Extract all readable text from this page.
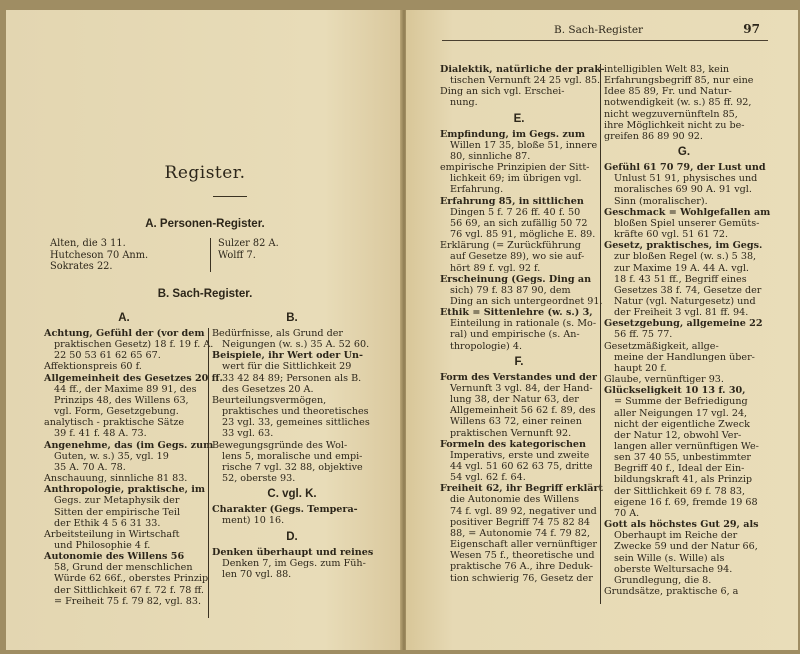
Register.
A. Personen-Register.
Alten, die 3 11.
Hutcheson 70 Anm.
Sokrates 22.
Sulzer 82 A.
Wolff 7.
B. Sach-Register.
A.
Achtung, Gefühl der (vor dem
praktischen Gesetz) 18 f. 19 f. A.
22 50 53 61 62 65 67.
Affektionspreis 60 f.
Allgemeinheit des Gesetzes 20 ff.
44 ff., der Maxime 89 91, des
Prinzips 48, des Willens 63,
vgl. Form, Gesetzgebung.
analytisch - praktische Sätze
39 f. 41 f. 48 A. 73.
Angenehme, das (im Gegs. zum
Guten, w. s.) 35, vgl. 19
35 A. 70 A. 78.
Anschauung, sinnliche 81 83.
Anthropologie, praktische, im
Gegs. zur Metaphysik der
Sitten der empirische Teil
der Ethik 4 5 6 31 33.
Arbeitsteilung in Wirtschaft
und Philosophie 4 f.
Autonomie des Willens 56
58, Grund der menschlichen
Würde 62 66f., oberstes Prinzip
der Sittlichkeit 67 f. 72 f. 78 ff.
= Freiheit 75 f. 79 82, vgl. 83.
B.
Bedürfnisse, als Grund der
Neigungen (w. s.) 35 A. 52 60.
Beispiele, ihr Wert oder Un-
wert für die Sittlichkeit 29
33 42 84 89; Personen als B.
des Gesetzes 20 A.
Beurteilungsvermögen,
praktisches und theoretisches
23 vgl. 33, gemeines sittliches
33 vgl. 63.
Bewegungsgründe des Wol-
lens 5, moralische und empi-
rische 7 vgl. 32 88, objektive
52, oberste 93.
C. vgl. K.
Charakter (Gegs. Tempera-
ment) 10 16.
D.
Denken überhaupt und reines
Denken 7, im Gegs. zum Füh-
len 70 vgl. 88.
B. Sach-Register	97
Dialektik, natürliche der prak-
tischen Vernunft 24 25 vgl. 85.
Ding an sich vgl. Erschei-
nung.
E.
Empfindung, im Gegs. zum
Willen 17 35, bloße 51, innere
80, sinnliche 87.
empirische Prinzipien der Sitt-
lichkeit 69; im übrigen vgl.
Erfahrung.
Erfahrung 85, in sittlichen
Dingen 5 f. 7 26 ff. 40 f. 50
56 69, an sich zufällig 50 72
76 vgl. 85 91, mögliche E. 89.
Erklärung (= Zurückführung
auf Gesetze 89), wo sie auf-
hört 89 f. vgl. 92 f.
Erscheinung (Gegs. Ding an
sich) 79 f. 83 87 90, dem
Ding an sich untergeordnet 91.
Ethik = Sittenlehre (w. s.) 3,
Einteilung in rationale (s. Mo-
ral) und empirische (s. An-
thropologie) 4.
F.
Form des Verstandes und der
Vernunft 3 vgl. 84, der Hand-
lung 38, der Natur 63, der
Allgemeinheit 56 62 f. 89, des
Willens 63 72, einer reinen
praktischen Vernunft 92.
Formeln des kategorischen
Imperativs, erste und zweite
44 vgl. 51 60 62 63 75, dritte
54 vgl. 62 f. 64.
Freiheit 62, ihr Begriff erklärt
die Autonomie des Willens
74 f. vgl. 89 92, negativer und
positiver Begriff 74 75 82 84
88, = Autonomie 74 f. 79 82,
Eigenschaft aller vernünftiger
Wesen 75 f., theoretische und
praktische 76 A., ihre Deduk-
tion schwierig 76, Gesetz der
intelligiblen Welt 83, kein
Erfahrungsbegriff 85, nur eine
Idee 85 89, Fr. und Natur-
notwendigkeit (w. s.) 85 ff. 92,
nicht wegzuvernünfteln 85,
ihre Möglichkeit nicht zu be-
greifen 86 89 90 92.
G.
Gefühl 61 70 79, der Lust und
Unlust 51 91, physisches und
moralisches 69 90 A. 91 vgl.
Sinn (moralischer).
Geschmack = Wohlgefallen am
bloßen Spiel unserer Gemüts-
kräfte 60 vgl. 51 61 72.
Gesetz, praktisches, im Gegs.
zur bloßen Regel (w. s.) 5 38,
zur Maxime 19 A. 44 A. vgl.
18 f. 43 51 ff., Begriff eines
Gesetzes 38 f. 74, Gesetze der
Natur (vgl. Naturgesetz) und
der Freiheit 3 vgl. 81 ff. 94.
Gesetzgebung, allgemeine 22
56 ff. 75 77.
Gesetzmäßigkeit, allge-
meine der Handlungen über-
haupt 20 f.
Glaube, vernünftiger 93.
Glückseligkeit 10 13 f. 30,
= Summe der Befriedigung
aller Neigungen 17 vgl. 24,
nicht der eigentliche Zweck
der Natur 12, obwohl Ver-
langen aller vernünftigen We-
sen 37 40 55, unbestimmter
Begriff 40 f., Ideal der Ein-
bildungskraft 41, als Prinzip
der Sittlichkeit 69 f. 78 83,
eigene 16 f. 69, fremde 19 68
70 A.
Gott als höchstes Gut 29, als
Oberhaupt im Reiche der
Zwecke 59 und der Natur 66,
sein Wille (s. Wille) als
oberste Weltursache 94.
Grundlegung, die 8.
Grundsätze, praktische 6, a
